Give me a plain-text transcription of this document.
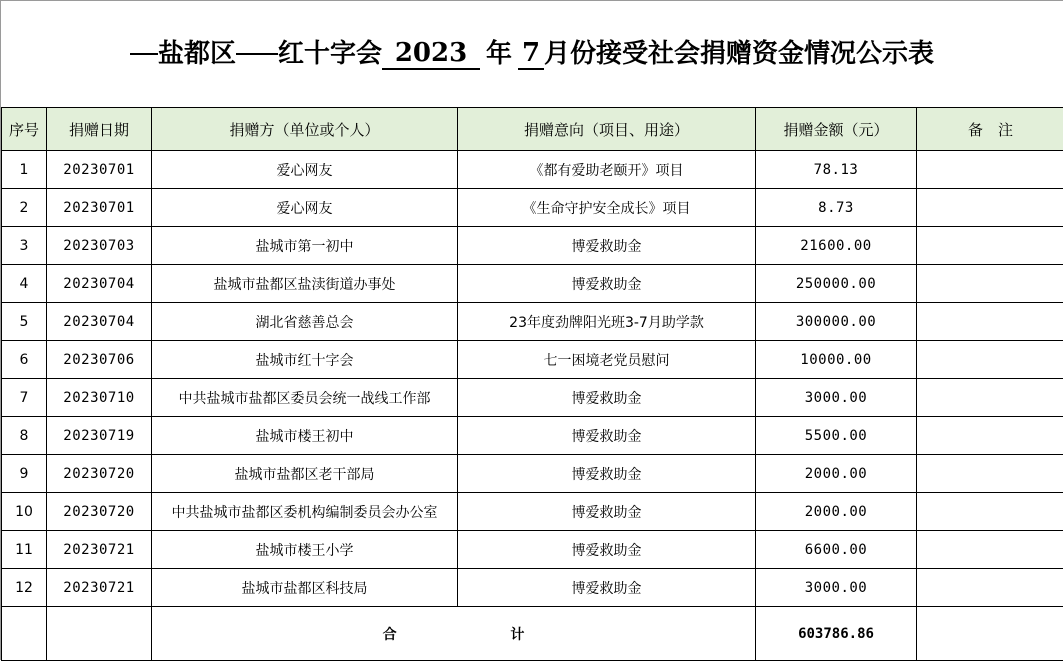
盐都区 红十字会 2023 年 7 月份接受社会捐赠资金情况公示表
序号	捐赠日期	捐赠方（单位或个人）	捐赠意向（项目、用途）	捐赠金额（元）	备　注
1	20230701	爱心网友	《都有爱助老颐开》项目	78.13	
2	20230701	爱心网友	《生命守护安全成长》项目	8.73	
3	20230703	盐城市第一初中	博爱救助金	21600.00	
4	20230704	盐城市盐都区盐渎街道办事处	博爱救助金	250000.00	
5	20230704	湖北省慈善总会	23年度劲牌阳光班3-7月助学款	300000.00	
6	20230706	盐城市红十字会	七一困境老党员慰问	10000.00	
7	20230710	中共盐城市盐都区委员会统一战线工作部	博爱救助金	3000.00	
8	20230719	盐城市楼王初中	博爱救助金	5500.00	
9	20230720	盐城市盐都区老干部局	博爱救助金	2000.00	
10	20230720	中共盐城市盐都区委机构编制委员会办公室	博爱救助金	2000.00	
11	20230721	盐城市楼王小学	博爱救助金	6600.00	
12	20230721	盐城市盐都区科技局	博爱救助金	3000.00	
		合 计		603786.86	
